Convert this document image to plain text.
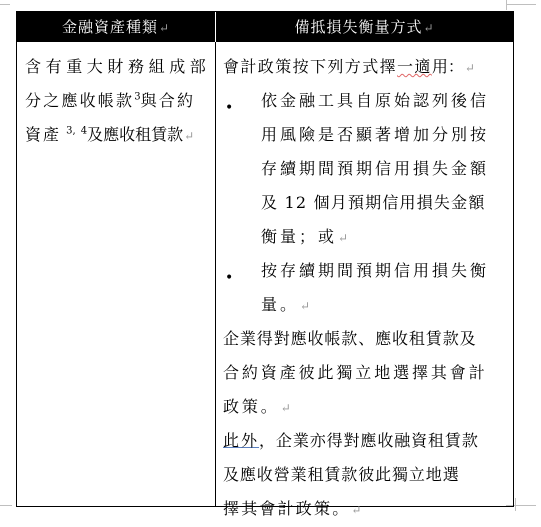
金融資產種類↵	備抵損失衡量方式↵
含有重大財務組成部
分之應收帳款$^3$與合約
資產 $^{3,}$ $^4$及應收租賃款↵
會計政策按下列方式擇一適用：↵
• 依金融工具自原始認列後信
用風險是否顯著增加分別按
存續期間預期信用損失金額
及 12 個月預期信用損失金額
衡量；或↵
• 按存續期間預期信用損失衡
量。↵
企業得對應收帳款、應收租賃款及
合約資產彼此獨立地選擇其會計
政策。↵
此外，企業亦得對應收融資租賃款
及應收營業租賃款彼此獨立地選
擇其會計政策。↵
